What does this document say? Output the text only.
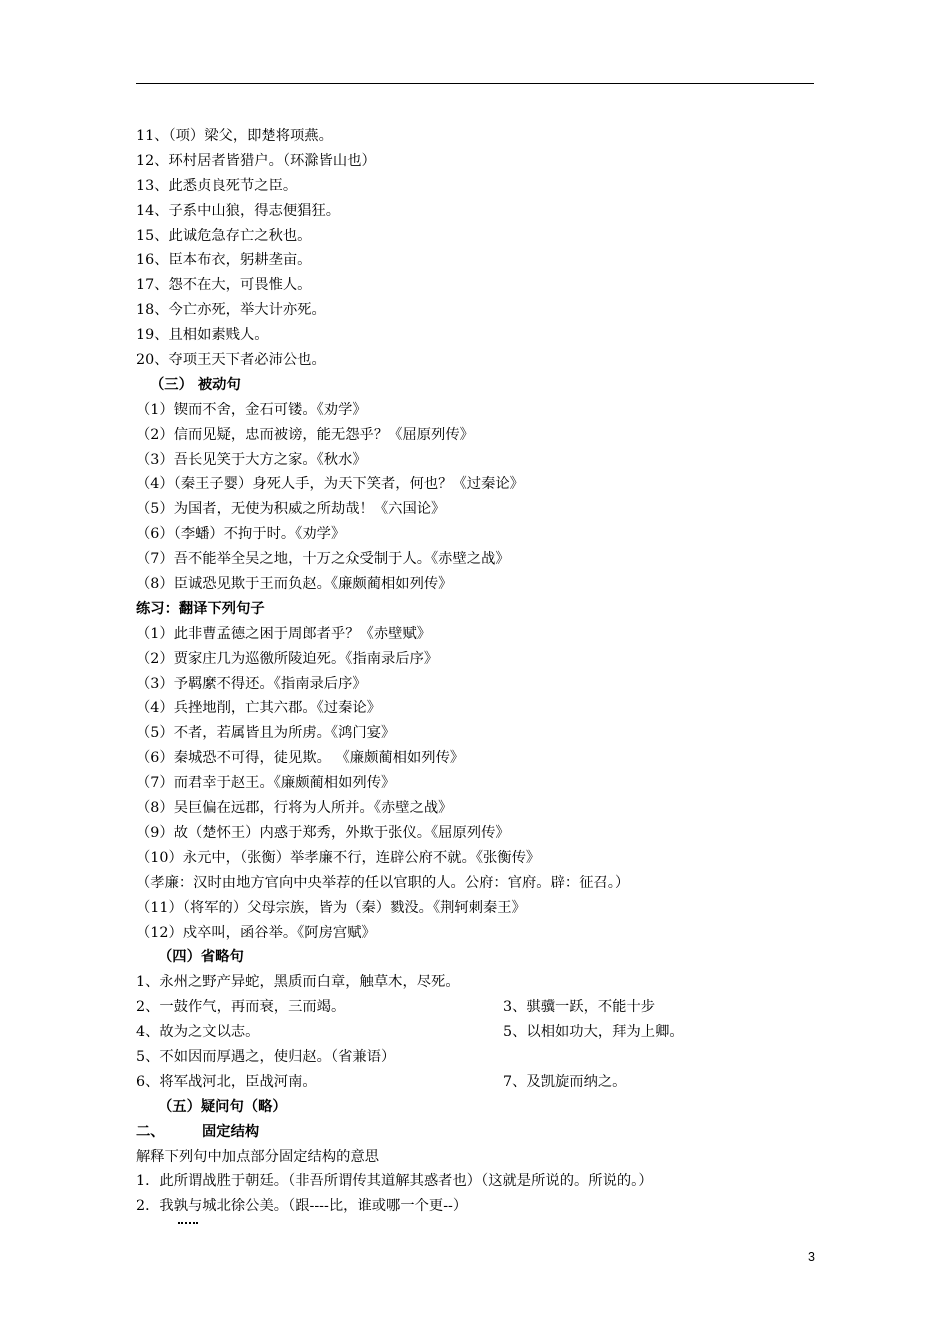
11、（项）梁父，即楚将项燕。
12、环村居者皆猎户。（环滁皆山也）
13、此悉贞良死节之臣。
14、子系中山狼，得志便猖狂。
15、此诚危急存亡之秋也。
16、臣本布衣，躬耕垄亩。
17、怨不在大，可畏惟人。
18、今亡亦死，举大计亦死。
19、且相如素贱人。
20、夺项王天下者必沛公也。
（三） 被动句
（1）锲而不舍，金石可镂。《劝学》
（2）信而见疑，忠而被谤，能无怨乎？《屈原列传》
（3）吾长见笑于大方之家。《秋水》
（4）（秦王子婴）身死人手，为天下笑者，何也？《过秦论》
（5）为国者，无使为积威之所劫哉！《六国论》
（6）（李蟠）不拘于时。《劝学》
（7）吾不能举全吴之地，十万之众受制于人。《赤壁之战》
（8）臣诚恐见欺于王而负赵。《廉颇蔺相如列传》
练习：翻译下列句子
（1）此非曹孟德之困于周郎者乎？《赤壁赋》
（2）贾家庄几为巡徼所陵迫死。《指南录后序》
（3）予羁縻不得还。《指南录后序》
（4）兵挫地削，亡其六郡。《过秦论》
（5）不者，若属皆且为所虏。《鸿门宴》
（6）秦城恐不可得，徒见欺。 《廉颇蔺相如列传》
（7）而君幸于赵王。《廉颇蔺相如列传》
（8）吴巨偏在远郡，行将为人所并。《赤壁之战》
（9）故（楚怀王）内惑于郑秀，外欺于张仪。《屈原列传》
（10）永元中，（张衡）举孝廉不行，连辟公府不就。《张衡传》
（孝廉：汉时由地方官向中央举荐的任以官职的人。公府：官府。辟：征召。）
（11）（将军的）父母宗族，皆为（秦）戮没。《荆轲刺秦王》
（12）戍卒叫，函谷举。《阿房宫赋》
（四）省略句
1、永州之野产异蛇，黑质而白章，触草木，尽死。
2、一鼓作气，再而衰，三而竭。	3、骐骥一跃，不能十步
4、故为之文以志。	5、以相如功大，拜为上卿。
5、不如因而厚遇之，使归赵。（省兼语）
6、将军战河北，臣战河南。	7、及凯旋而纳之。
（五）疑问句（略）
二、	固定结构
解释下列句中加点部分固定结构的意思
1．此所谓战胜于朝廷。（非吾所谓传其道解其惑者也）（这就是所说的。所说的。）
2．我孰与城北徐公美。（跟----比，谁或哪一个更--）
3
